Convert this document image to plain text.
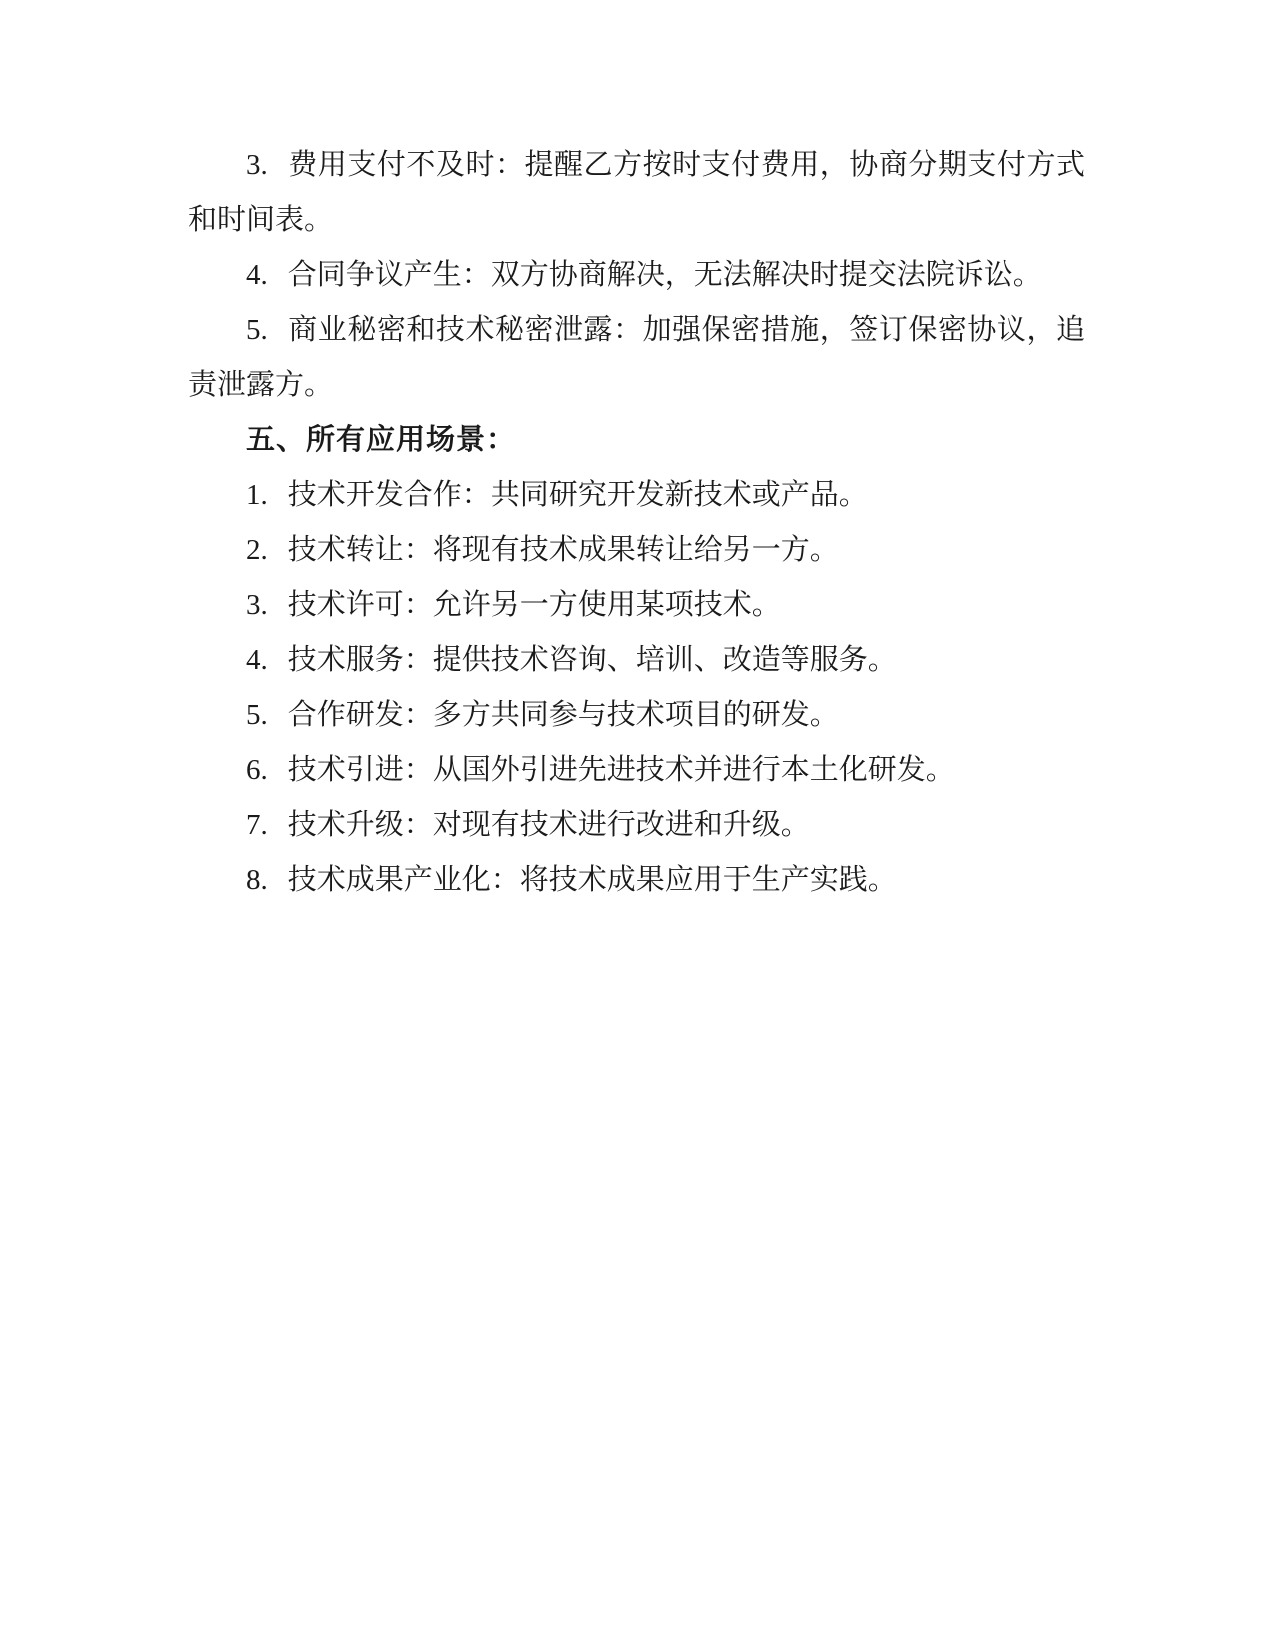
3. 费用支付不及时：提醒乙方按时支付费用，协商分期支付方式和时间表。

4. 合同争议产生：双方协商解决，无法解决时提交法院诉讼。

5. 商业秘密和技术秘密泄露：加强保密措施，签订保密协议，追责泄露方。

五、所有应用场景：

1. 技术开发合作：共同研究开发新技术或产品。

2. 技术转让：将现有技术成果转让给另一方。

3. 技术许可：允许另一方使用某项技术。

4. 技术服务：提供技术咨询、培训、改造等服务。

5. 合作研发：多方共同参与技术项目的研发。

6. 技术引进：从国外引进先进技术并进行本土化研发。

7. 技术升级：对现有技术进行改进和升级。

8. 技术成果产业化：将技术成果应用于生产实践。
